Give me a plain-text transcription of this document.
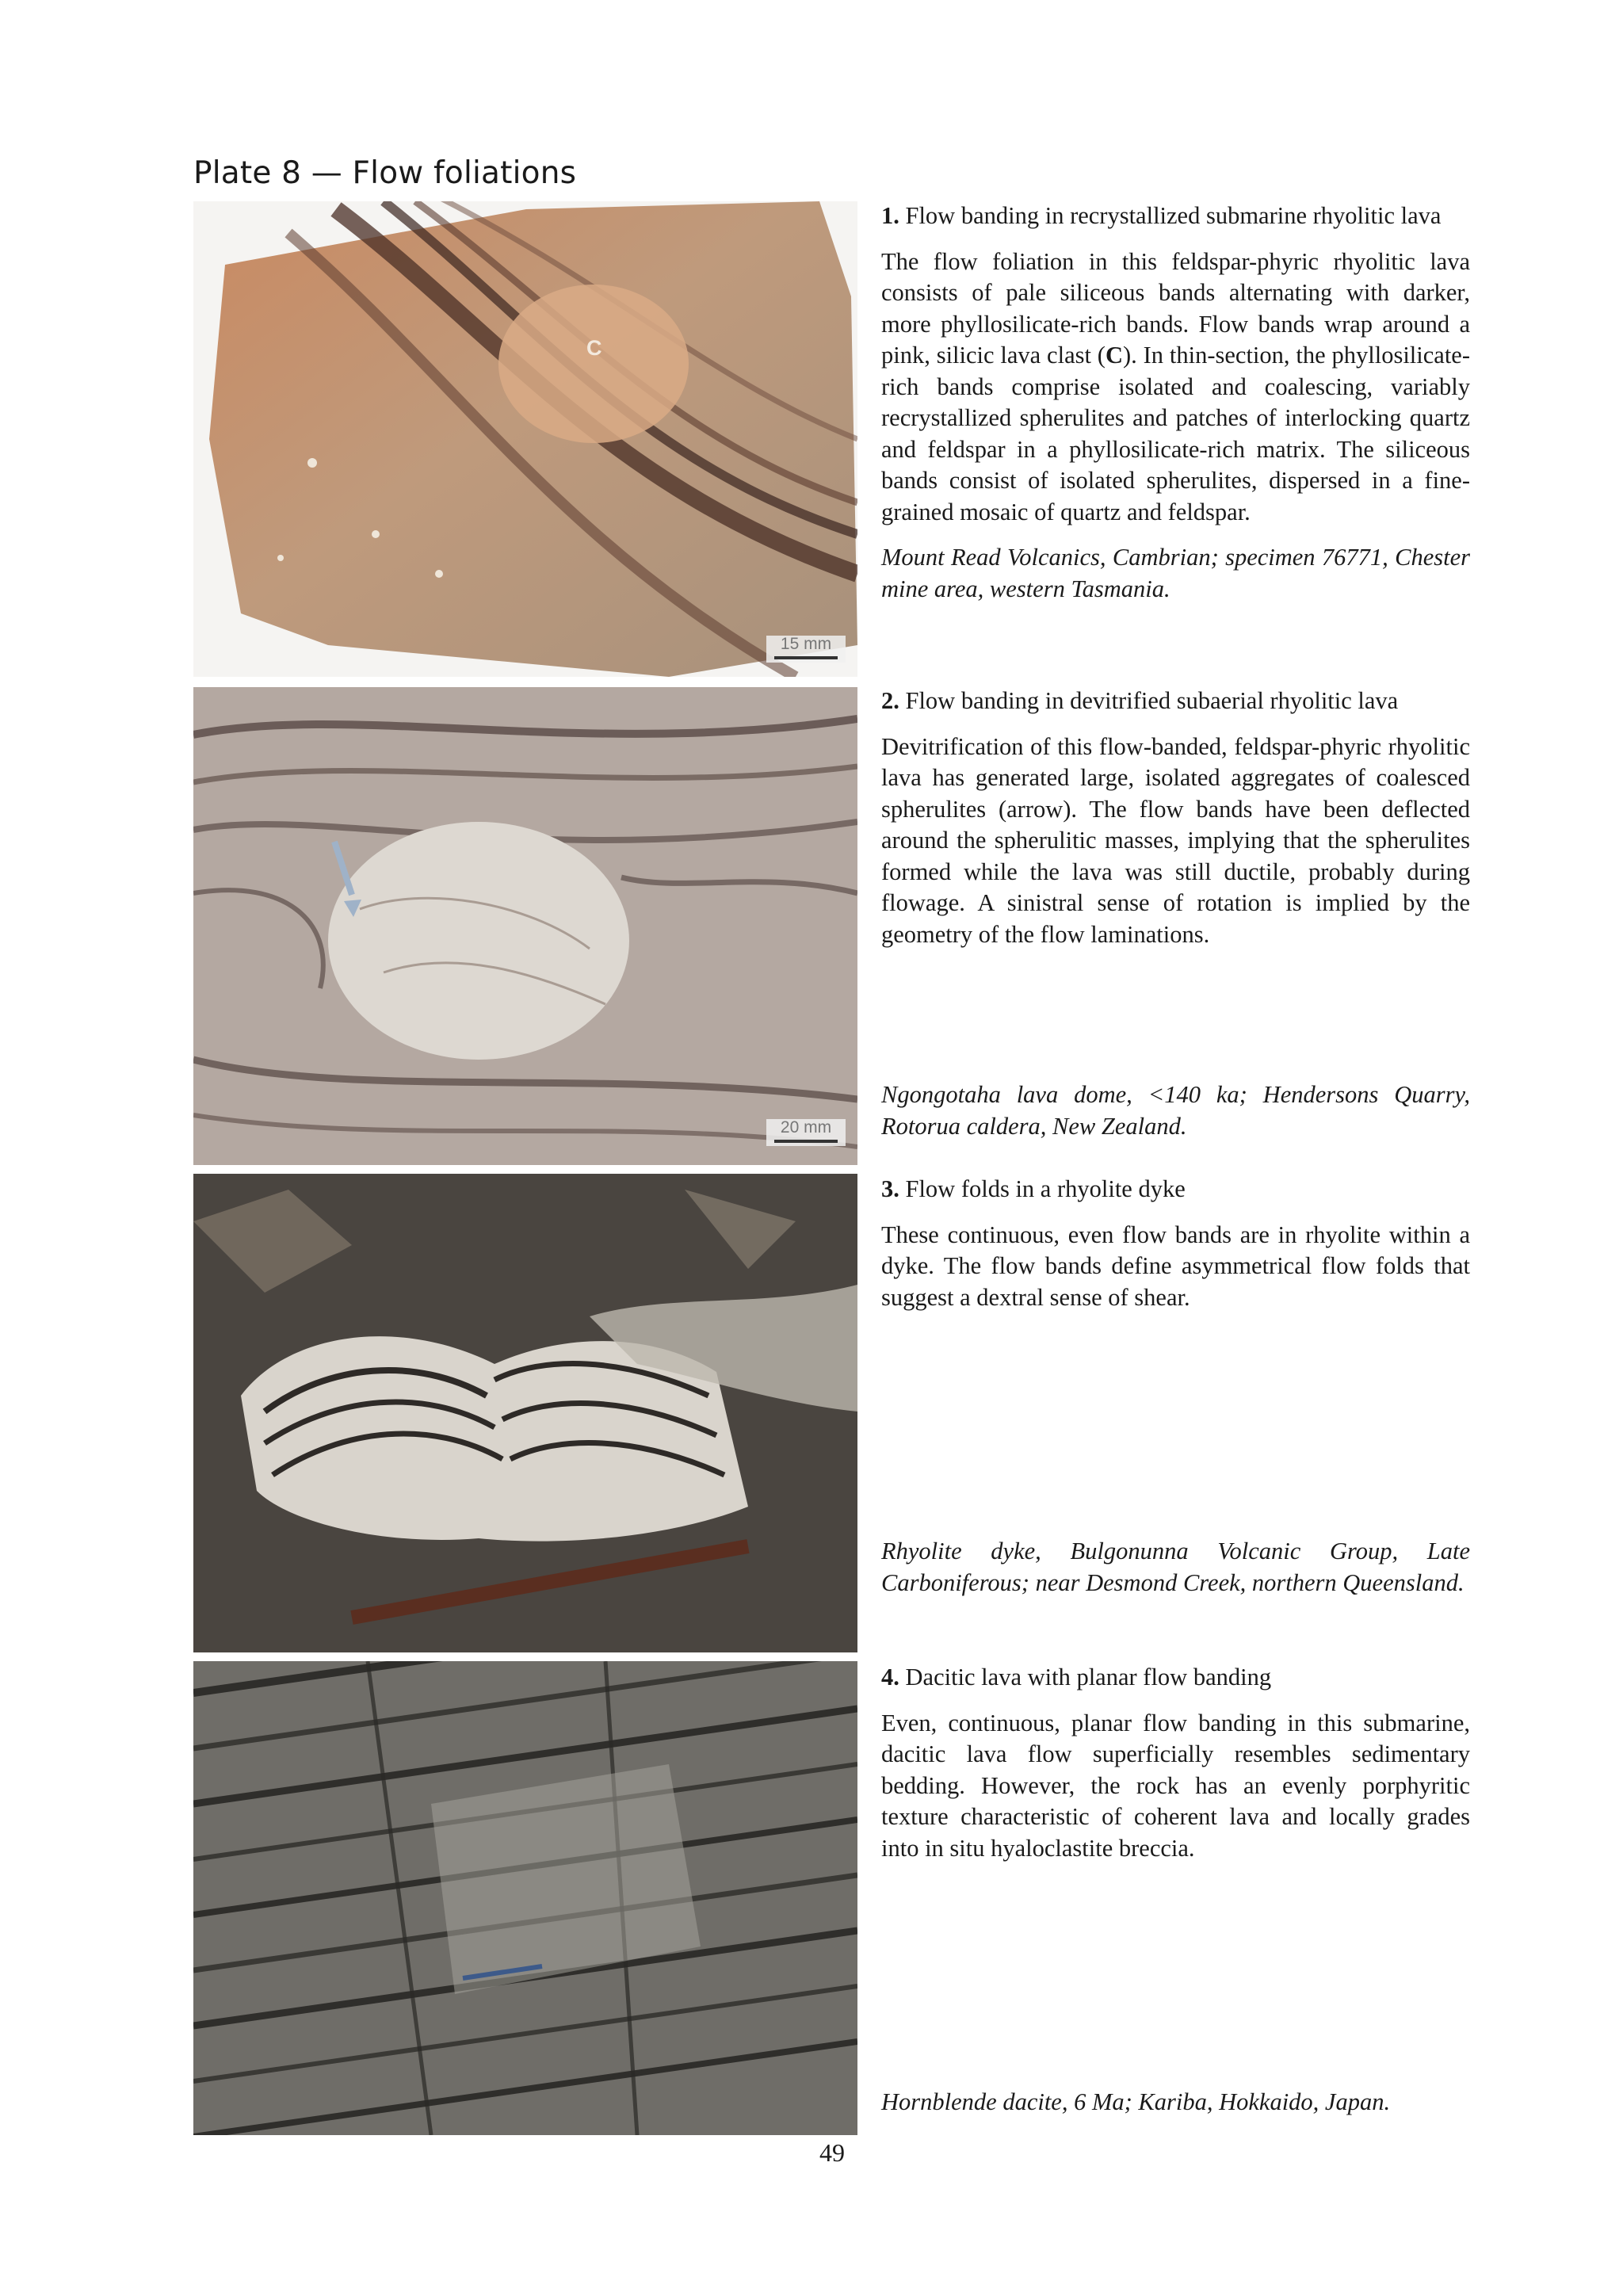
Plate 8 — Flow foliations
C
15 mm
20 mm

1. Flow banding in recrystallized submarine rhyolitic lava

The flow foliation in this feldspar-phyric rhyolitic lava consists of pale siliceous bands alternating with darker, more phyllosilicate-rich bands. Flow bands wrap around a pink, silicic lava clast (C). In thin-section, the phyllosilicate-rich bands comprise isolated and coalescing, variably recrystallized spherulites and patches of interlocking quartz and feldspar in a phyllosilicate-rich matrix. The siliceous bands consist of isolated spherulites, dispersed in a fine-grained mosaic of quartz and feldspar.

Mount Read Volcanics, Cambrian; specimen 76771, Chester mine area, western Tasmania.

2. Flow banding in devitrified subaerial rhyolitic lava

Devitrification of this flow-banded, feldspar-phyric rhyolitic lava has generated large, isolated aggregates of coalesced spherulites (arrow). The flow bands have been deflected around the spherulitic masses, implying that the spherulites formed while the lava was still ductile, probably during flowage. A sinistral sense of rotation is implied by the geometry of the flow laminations.

Ngongotaha lava dome, <140 ka; Hendersons Quarry, Rotorua caldera, New Zealand.

3. Flow folds in a rhyolite dyke

These continuous, even flow bands are in rhyolite within a dyke. The flow bands define asymmetrical flow folds that suggest a dextral sense of shear.

Rhyolite dyke, Bulgonunna Volcanic Group, Late Carboniferous; near Desmond Creek, northern Queensland.

4. Dacitic lava with planar flow banding

Even, continuous, planar flow banding in this submarine, dacitic lava flow superficially resembles sedimentary bedding. However, the rock has an evenly porphyritic texture characteristic of coherent lava and locally grades into in situ hyaloclastite breccia.

Hornblende dacite, 6 Ma; Kariba, Hokkaido, Japan.

49
